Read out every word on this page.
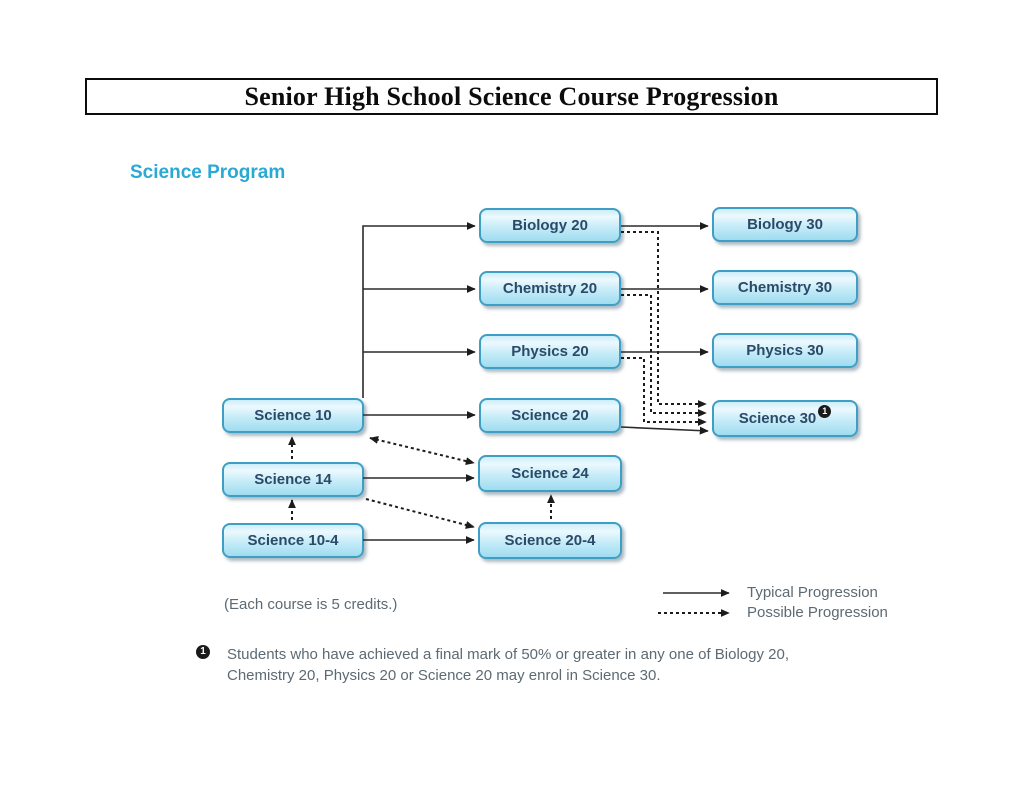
Senior High School Science Course Progression
Science Program
Science 10
Science 14
Science 10-4
Biology 20
Chemistry 20
Physics 20
Science 20
Science 24
Science 20-4
Biology 30
Chemistry 30
Physics 30
Science 30 1
Typical Progression
Possible Progression
(Each course is 5 credits.)
1 Students who have achieved a final mark of 50% or greater in any one of Biology 20, Chemistry 20, Physics 20 or Science 20 may enrol in Science 30.
